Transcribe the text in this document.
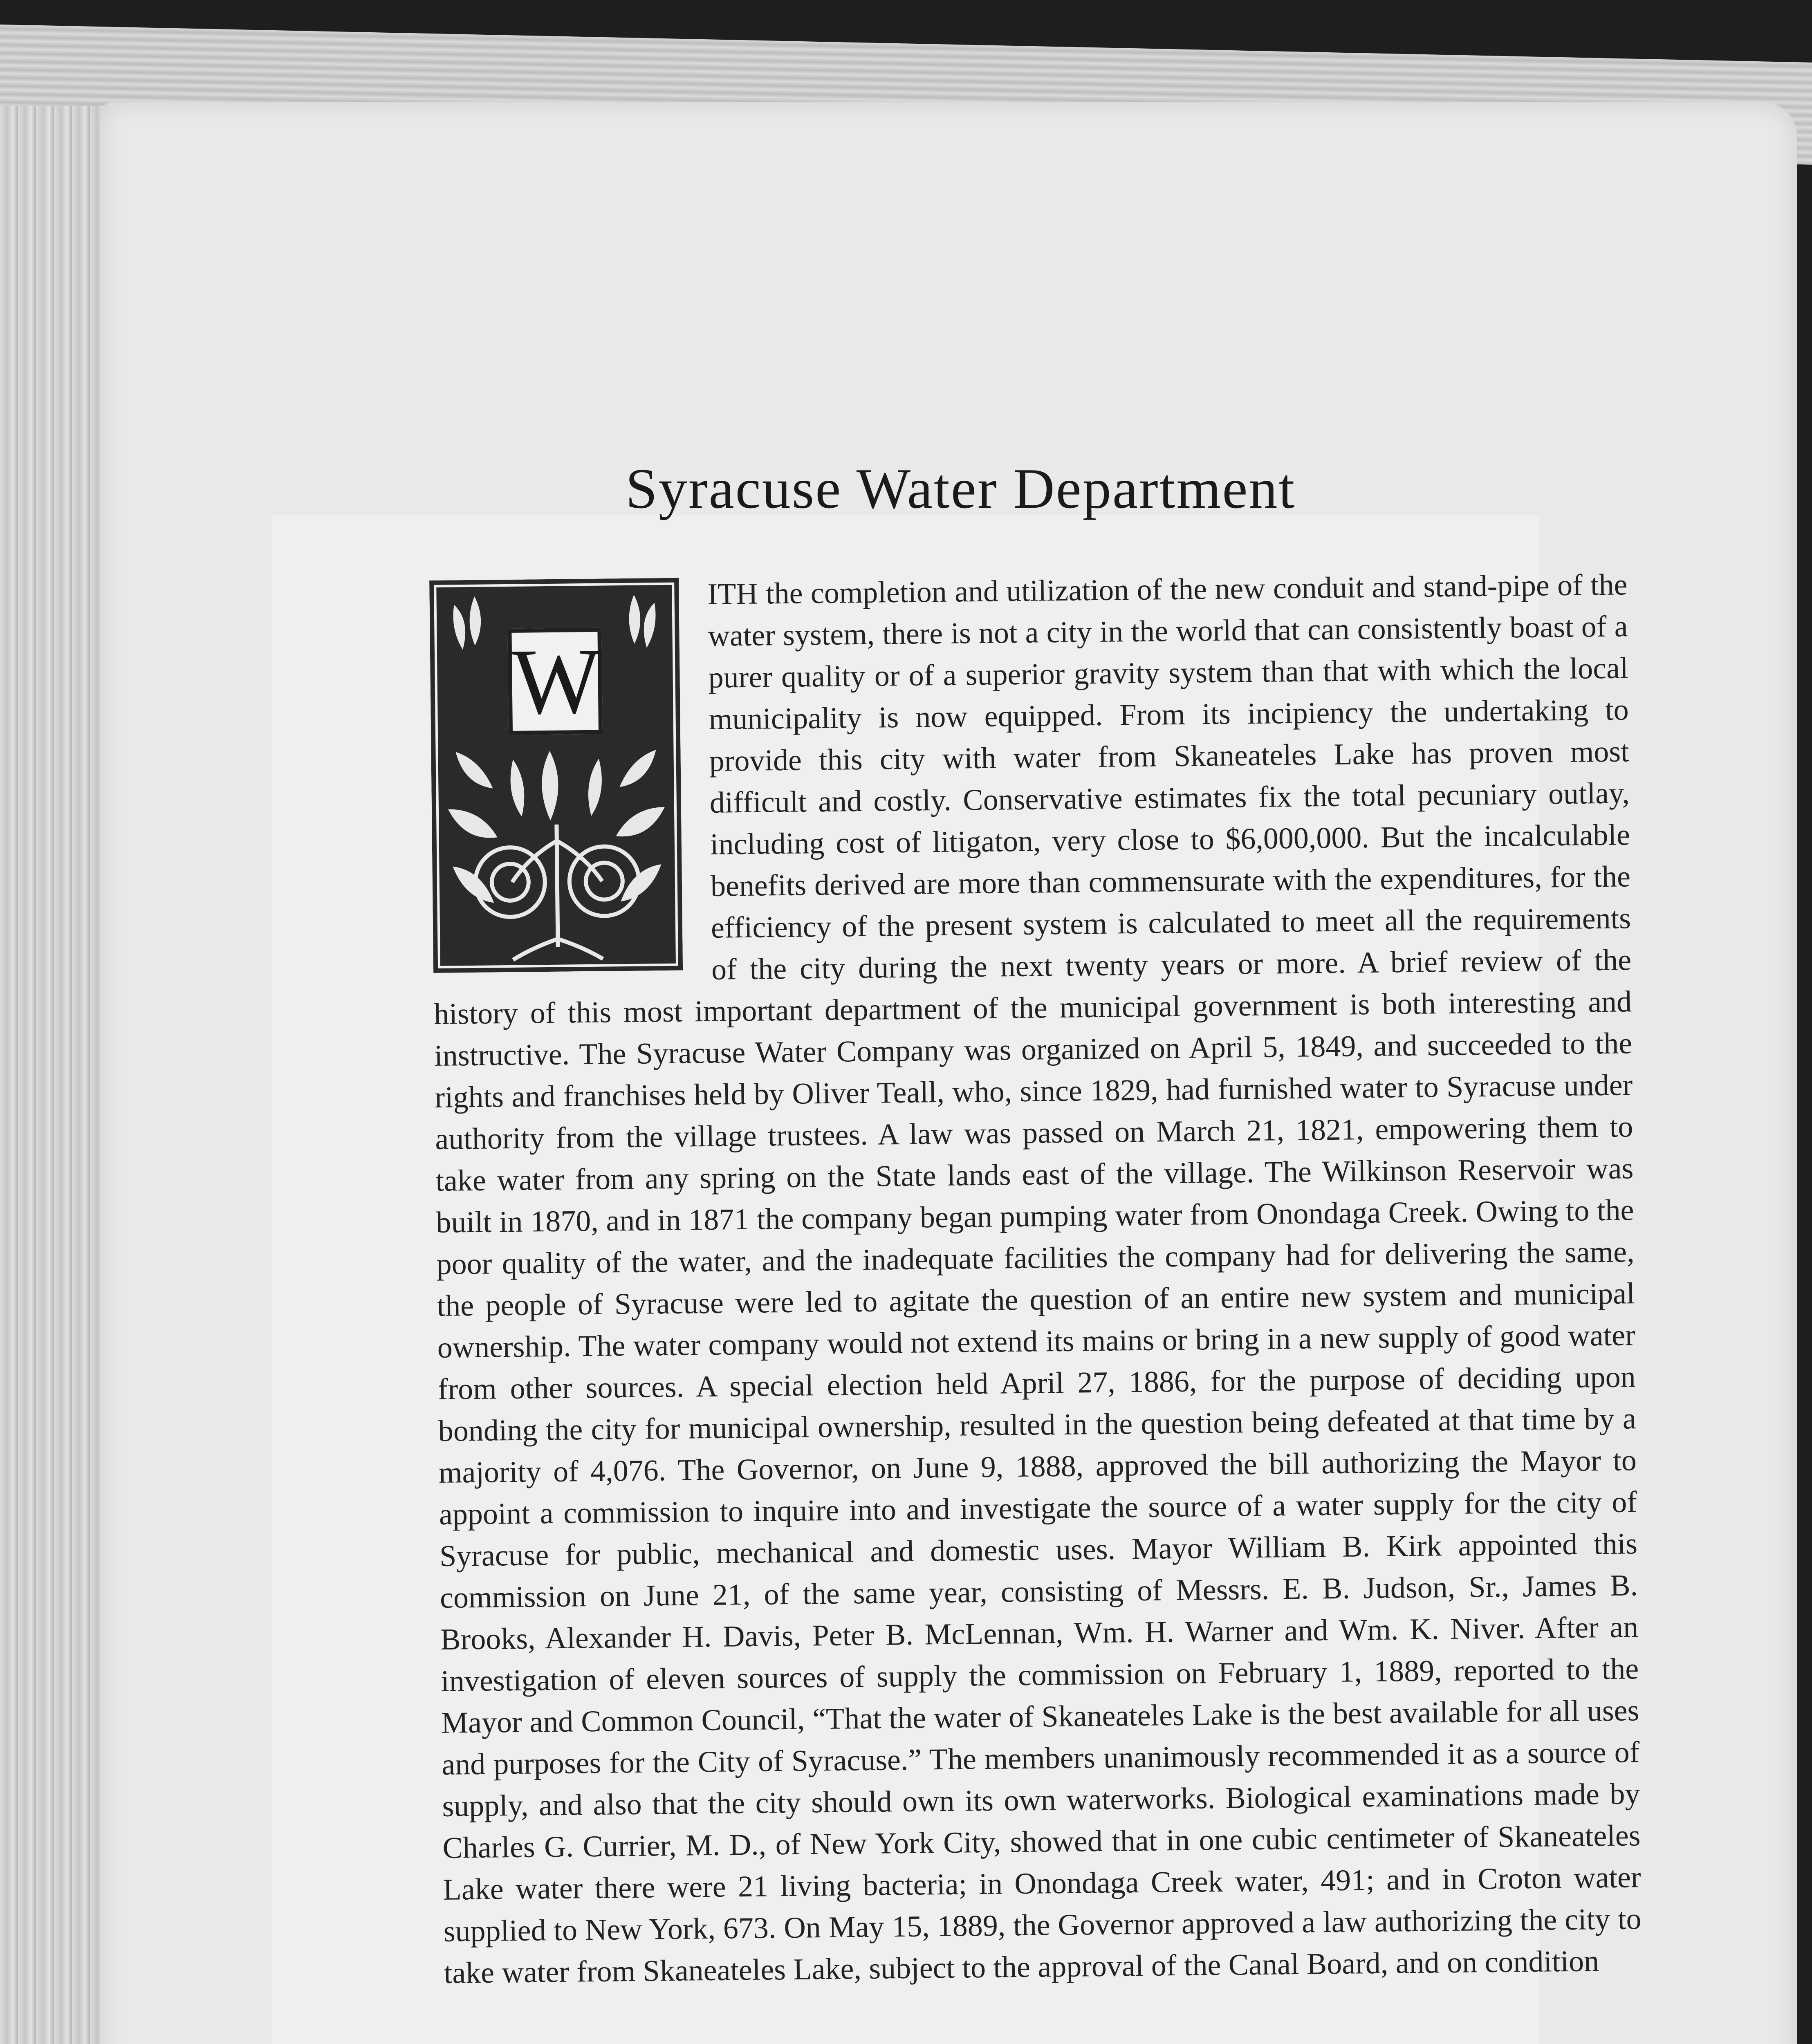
Syracuse Water Department
W
ITH the completion and utilization of the new conduit and stand-pipe of the water system, there is not a city in the world that can consistently boast of a purer quality or of a superior gravity system than that with which the local municipality is now equipped. From its incipiency the undertaking to provide this city with water from Skaneateles Lake has proven most difficult and costly. Conservative estimates fix the total pecuniary outlay, including cost of litigaton, very close to $6,000,000. But the incalculable benefits derived are more than commensurate with the expenditures, for the efficiency of the present system is calculated to meet all the requirements of the city during the next twenty years or more. A brief review of the history of this most important department of the municipal government is both interesting and instructive. The Syracuse Water Company was organized on April 5, 1849, and succeeded to the rights and franchises held by Oliver Teall, who, since 1829, had furnished water to Syracuse under authority from the village trustees. A law was passed on March 21, 1821, empowering them to take water from any spring on the State lands east of the village. The Wilkinson Reservoir was built in 1870, and in 1871 the company began pumping water from Onondaga Creek. Owing to the poor quality of the water, and the inadequate facilities the company had for delivering the same, the people of Syracuse were led to agitate the question of an entire new system and municipal ownership. The water company would not extend its mains or bring in a new supply of good water from other sources. A special election held April 27, 1886, for the purpose of deciding upon bonding the city for municipal ownership, resulted in the question being defeated at that time by a majority of 4,076. The Governor, on June 9, 1888, approved the bill authorizing the Mayor to appoint a commission to inquire into and investigate the source of a water supply for the city of Syracuse for public, mechanical and domestic uses. Mayor William B. Kirk appointed this commission on June 21, of the same year, consisting of Messrs. E. B. Judson, Sr., James B. Brooks, Alexander H. Davis, Peter B. McLennan, Wm. H. Warner and Wm. K. Niver. After an investigation of eleven sources of supply the commission on February 1, 1889, reported to the Mayor and Common Council, “That the water of Skaneateles Lake is the best available for all uses and purposes for the City of Syracuse.” The members unanimously recommended it as a source of supply, and also that the city should own its own waterworks. Biological examinations made by Charles G. Currier, M. D., of New York City, showed that in one cubic centimeter of Skaneateles Lake water there were 21 living bacteria; in Onondaga Creek water, 491; and in Croton water supplied to New York, 673. On May 15, 1889, the Governor approved a law authorizing the city to take water from Skaneateles Lake, subject to the approval of the Canal Board, and on condition
